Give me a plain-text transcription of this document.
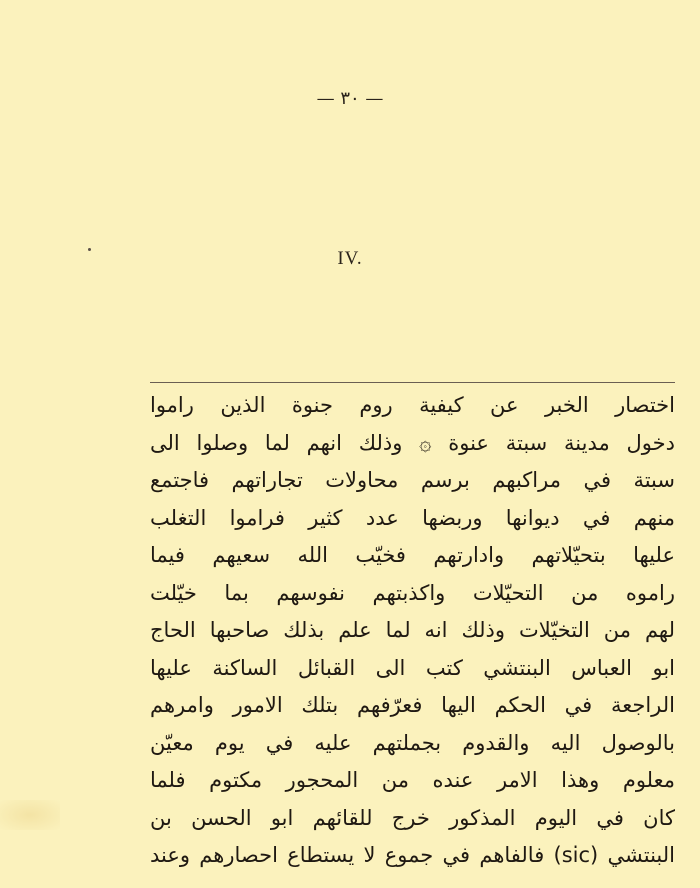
— ٣٠ —
IV.
اختصار الخبر عن كيفية روم جنوة الذين راموا
دخول مدينة سبتة عنوة ۞ وذلك انهم لما وصلوا الى
سبتة في مراكبهم برسم محاولات تجاراتهم فاجتمع
منهم في ديوانها وربضها عدد كثير فراموا التغلب
عليها بتحيّلاتهم وادارتهم فخيّب الله سعيهم فيما
راموه من التحيّلات واكذبتهم نفوسهم بما خيّلت
لهم من التخيّلات وذلك انه لما علم بذلك صاحبها الحاج
ابو العباس البنتشي كتب الى القبائل الساكنة عليها
الراجعة في الحكم اليها فعرّفهم بتلك الامور وامرهم
بالوصول اليه والقدوم بجملتهم عليه في يوم معيّن
معلوم وهذا الامر عنده من المحجور مكتوم فلما
كان في اليوم المذكور خرج للقائهم ابو الحسن بن
البنتشي (sic) فالفاهم في جموع لا يستطاع احصارهم وعند
